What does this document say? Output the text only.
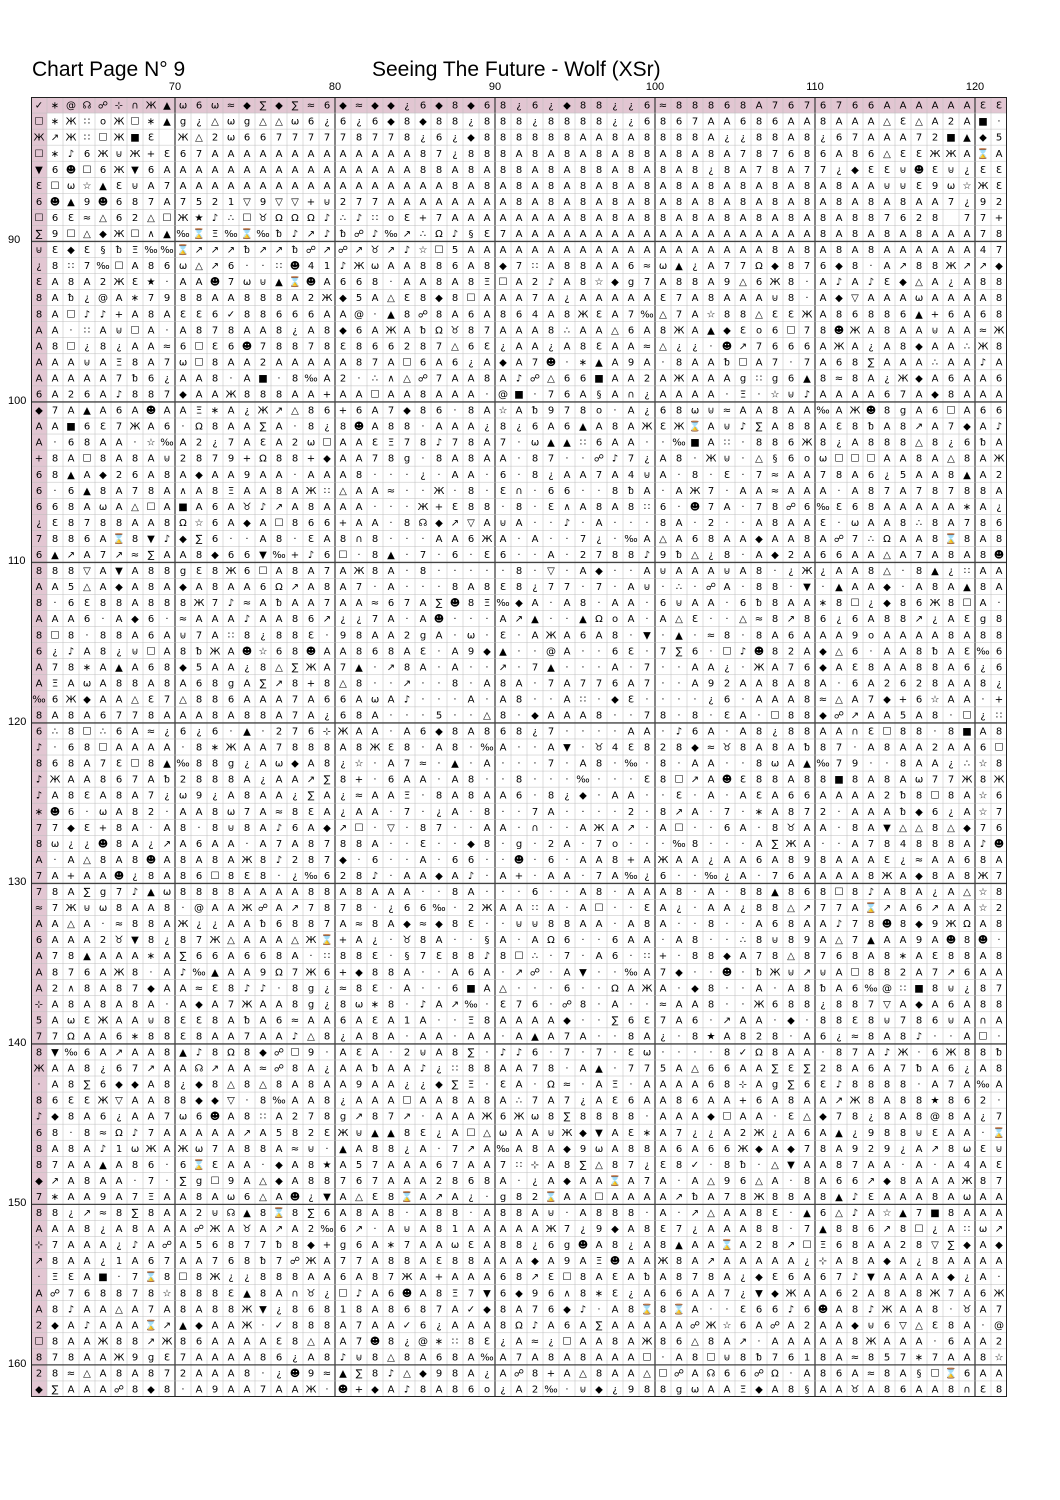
Chart Page N° 9	Seeing The Future - Wolf (XSr)
70	80	90	100	110	120
90
100
110
120
130
140
150
160
✓ ∗ @ ☊ ☍ ⊹ ∩ Ж ▲ ω 6 ω ≈ ◆ ∑ ◆ ∑ ≈ 6 ◆ ≈ ◆ ◆ ¿ 6 ◆ 8 ◆ 6 8 ¿ 6 ¿ ◆ 8 8 ¿ ¿ 6 ≈ 8 8 8 6 8 A 7 6 7 6 7 6 6 A A A A A A Ɛ Ɛ
☐ ∗ Ж ∷ o Ж ☐ ∗ ▲ g ¿ △ ω g △ △ ω 6 ¿ 6 ¿ 6 ◆ 8 ◆ 8 8 ¿ 8 8 8 ¿ 8 8 8 8 ¿ ¿ 6 8 6 7 A A 6 8 6 A A 8 A A A △ Ɛ △ A 2 A ■ ·
Ж ↗ Ж ∷ ☐ Ж ■ Ɛ Ж △ 2 ω 6 6 7 7 7 7 7 8 7 7 8 ¿ 6 ¿ ◆ 8 8 8 8 8 8 A A 8 A 8 8 8 8 A ¿ ¿ 8 8 A 8 ¿ 6 7 A A A 7 2 ■ ▲ ◆ 5
☐ ∗ ♪ 6 Ж ⊍ Ж + Ɛ 6 7 A A A A A A A A A A A A A 8 7 ¿ 8 8 8 A 8 A 8 A 8 A 8 8 A 8 A 8 A 7 8 7 6 8 6 A 8 6 △ Ɛ Ɛ Ж Ж A ⌛ A
▼ 6 ☻ ☐ 6 Ж ▼ 6 A A A A A A A A A A A A A A A A 8 8 A 8 A 8 8 A 8 A 8 8 A 8 A 8 A 8 ¿ 8 A 7 8 A 7 7 ¿ ◆ Ɛ Ɛ ⊍ ☻ Ɛ ⊍ ¿ Ɛ Ɛ
Ɛ ☐ ω ☆ ▲ Ɛ ⊍ A 7 A A A A A A A A A A A A A A A A A 8 A 8 A 8 A 8 A 8 A 8 A 8 A 8 A 8 A 8 A 8 A 8 A 8 A A ⊍ ⊍ Ɛ 9 ω ☆ Ж Ɛ
6 ☻ ▲ 9 ☻ 6 8 7 A 7 5 2 1 ▽ 9 ▽ ▽ + ⊍ 2 7 7 A A A A A A A A 8 A 8 A 8 A 8 A 8 A 8 A 8 A 8 A 8 A 8 A 8 A 8 A 8 A A 7 ¿ 9 2
☐ 6 Ɛ ≈ △ 6 2 △ ☐ Ж ★ ♪ ∴ ☐ ♉ Ω Ω Ω ♪ ∴ ♪ ∷ o Ɛ + 7 A A A A A A A A 8 A 8 A 8 8 A 8 A 8 A 8 A 8 A 8 A 8 8 7 6 2 8	7 7 +
∑ 9 ☐ △ ◆ Ж ☐ ∧ ▲ ‰ ⌛ Ξ ‰ ⌛ ‰ ᵬ ♪ ↗ ♪ ᵬ ☍ ♪ ‰ ↗ ∴ Ω ♪ § Ɛ 7 A A A A A A A A A A A A A A A A A A A 8 A 8 A 8 A 8 A A A 7 8
⊍ Ɛ ◆ Ɛ § ᵬ Ξ ‰ ‰ ⌛ ↗ ↗ ↗ ᵬ ↗ ↗ ᵬ ☍ ↗ ☍ ↗ ♉ ↗ ♪ ☆ ☐ 5 A A A A A A A A A A A A A A A A A A A 8 A 8 A 8 A 8 A A A A A A 4 7
¿ 8 ∷ 7 ‰ ☐ A 8 6 ω △ ↗ 6 · · ∷ ☻ 4 1 ♪ Ж ω A A 8 8 6 A 8 ◆ 7 ∷ A 8 8 A A 6 ≈ ω ▲ ¿ A 7 7 Ω ◆ 8 7 6 ◆ 8 · A ↗ 8 8 Ж ↗ ↗ ◆
Ɛ A 8 A 2 Ж Ɛ ★ · A A ☻ 7 ω ⊍ ▲ ⌛ ☻ A 6 6 8 · A A 8 A 8 Ξ ☐ A 2 ♪ A 8 ☆ ◆ g 7 A 8 8 A 9 △ 6 Ж 8 · A ♪ A ♪ Ɛ ◆ △ A ¿ A 8 8
8 A ᵬ ¿ @ A ∗ 7 9 8 8 A A 8 8 8 A 2 Ж ◆ 5 A △ Ɛ 8 ◆ 8 ☐ A A A 7 A ¿ A A A A A Ɛ 7 A 8 A A A ⊍ 8 · A ◆ ▽ A A A ω A A A A 8
8 A ☐ ♪ ♪ + A 8 A Ɛ Ɛ 6 ✓ 8 8 6 6 6 A A @ · ▲ 8 ☍ 8 A 6 A 8 6 4 A 8 Ж Ɛ A 7 ‰ △ 7 A ☆ 8 8 △ Ɛ Ɛ Ж A 8 6 8 8 6 ▲ + 6 A 6 8
A A · ∷ A ⊍ ☐ A · A 8 7 8 A A 8 ¿ A 8 ◆ 6 A Ж A ᵬ Ω ♉ 8 7 A A A 8 ∴ A A △ 6 A 8 Ж A ▲ ◆ Ɛ o 6 ☐ 7 8 ☻ Ж A 8 A A ⊍ A A ≈ Ж
A 8 ☐ ¿ 8 ¿ A A ≈ 6 ☐ Ɛ 6 ☻ 7 8 8 7 8 Ɛ 8 6 6 2 8 7 △ 6 Ɛ ¿ A A ¿ A 8 Ɛ A A ≈ △ ¿ ¿ · ☻ ↗ 7 6 6 6 A Ж A ¿ A 8 ◆ A A ∴ Ж 8
A A A ⊍ A Ξ 8 A 7 ω ☐ 8 A A 2 A A A A A 8 7 A ☐ 6 A 6 ¿ A ◆ A 7 ☻ · ∗ ▲ A 9 A · 8 A A ᵬ ☐ A 7 · 7 A 6 8 ∑ A A A ∴ A A ♪ A
A A A A A 7 ᵬ 6 ¿ A A 8 · A ■ · 8 ‰ A 2 · ∴ ∧ △ ☍ 7 A A 8 A ♪ ☍ △ 6 6 ■ A A 2 A Ж A A A g ∷ g 6 ▲ 8 ≈ 8 A ¿ Ж ◆ A 6 A A 6
6 A 2 6 A ♪ 8 8 7 ◆ A A Ж 8 8 8 A A + A A ☐ A A 8 A A A · @ ■ · 7 6 A § A ∩ ¿ A A A A · Ξ · ☆ ⊍ ♪ A A A A 6 7 A ◆ 8 A A A
◆ 7 A ▲ A 6 A ☻ A A Ξ ∗ A ¿ Ж ↗ △ 8 6 + 6 A 7 ◆ 8 6 · 8 A ☆ A ᵬ 9 7 8 o · A ¿ 6 8 ω ⊍ ≈ A A 8 A A ‰ A Ж ☻ 8 g A 6 ☐ A 6 6
A A ■ 6 Ɛ 7 Ж A 6 · Ω 8 A A ∑ A · 8 ¿ 8 ☻ A 8 8 · A A A ¿ 8 ¿ 6 A 6 ▲ A 8 A Ж Ɛ Ж ⌛ A ⊍ ♪ ∑ A 8 8 A Ɛ 8 ᵬ A 8 ↗ A 7 ◆ A ♪
A · 6 8 A A · ☆ ‰ A 2 ¿ 7 A Ɛ A 2 ω ☐ A A Ɛ Ξ 7 8 ♪ 7 8 A 7 · ω ▲ ▲ ∷ 6 A A · · ‰ ■ A ∷ · 8 8 6 Ж 8 ¿ A 8 8 8 △ 8 ¿ 6 ᵬ A
+ 8 A ☐ 8 A 8 A ⊍ 2 8 7 9 + Ω 8 8 + ◆ A A 7 8 g · 8 A 8 A A · 8 7 · · ☍ ♪ 7 ¿ A 8 · Ж ⊍ · △ § 6 o ω ☐ ☐ ☐ A A 8 A △ 8 A Ж
6 8 ▲ A ◆ 2 6 A 8 A ◆ A A 9 A A · A A A 8 · · · ¿ · A A · 6 · 8 ¿ A A 7 A 4 ⊍ A · 8 · Ɛ · 7 ≈ A A 7 8 A 6 ¿ 5 A A 8 ▲ A 2
6 · 6 ▲ 8 A 7 8 A ∧ A 8 Ξ A A 8 A Ж ∷ △ A A ≈ · · Ж · 8 · Ɛ ∩ · 6 6 · · 8 ᵬ A · A Ж 7 · A A ≈ A A A · A 8 7 A 7 8 7 8 8 A
6 6 8 A ω A △ ☐ A ■ A 6 A ♉ ♪ ↗ A 8 A A A · · · Ж + Ɛ 8 8 · 8 · Ɛ ∧ A 8 A 8 ∷ 6 · ☻ 7 A · 7 8 ☍ 6 ‰ Ɛ 6 8 A A A A A ∗ A ¿
¿ Ɛ 8 7 8 8 A A 8 Ω ☆ 6 A ◆ A ☐ 8 6 6 + A A · 8 ☊ ◆ ↗ ▽ A ⊍ A · · ♪ · A · · · 8 A · 2 · · A 8 A A Ɛ · ω A A 8 ∴ 8 A 7 8 6
7 8 8 6 A ⌛ 8 ▼ ♪ ◆ ∑ 6 · · A 8 · Ɛ A 8 ∩ 8 · · · A A 6 Ж A · A · · 7 ¿ · ‰ A △ A 6 8 A A ◆ A A 8 A ☍ 7 ∴ Ω A A 8 ⌛ 8 A 8
6 ▲ ↗ A 7 ↗ ≈ ∑ A A 8 ◆ 6 6 ▼ ‰ + ♪ 6 ☐ · 8 ▲ · 7 · 6 · Ɛ 6 · · A · 2 7 8 8 ♪ 9 ᵬ △ ¿ 8 · A ◆ 2 A 6 6 A A △ A 7 A 8 A 8 ☻
8 8 8 ▽ A ▼ A 8 8 g Ɛ 8 Ж 6 ☐ A 8 A 7 A Ж 8 A · 8 · · · · · 8 · ▽ · A ◆ · · A ⊍ A A A ⊍ A 8 · ¿ Ж ¿ A A 8 △ · 8 ▲ ¿ ∷ A A
A A 5 △ A ◆ A 8 A ◆ A 8 A A 6 Ω ↗ A 8 A 7 · A · · · 8 A 8 Ɛ 8 ¿ 7 7 · 7 · A ⊍ · ∴ · ☍ A · 8 8 · ▼ · ▲ A A ◆ · A 8 A ▲ 8 A
8 · 6 Ɛ 8 8 A 8 8 8 Ж 7 ♪ ≈ A ᵬ A A 7 A A ≈ 6 7 A ∑ ☻ 8 Ξ ‰ ◆ A · A 8 · A A · 6 ⊍ A A · 6 ᵬ 8 A A ∗ 8 ☐ ¿ ◆ 8 6 Ж 8 ☐ A ·
A A A 6 · A ◆ 6 · ≈ A A A ♪ A A 8 6 ↗ ¿ ¿ 7 A · A ☻ · · · A ↗ ▲ · · ▲ Ω o A · A △ Ɛ · · △ ≈ 8 ↗ 8 6 ¿ 6 A 8 8 ↗ ¿ A Ɛ g 8
8 ☐ 8 · 8 8 A 6 A ⊍ 7 A ∷ 8 ¿ 8 8 Ɛ · 9 8 A A 2 g A · ω · Ɛ · A Ж A 6 A 8 · ▼ · ▲ · ≈ 8 · 8 A 6 A A A 9 o A A A A 8 A 8 8
6 ¿ ♪ A 8 ¿ ⊍ ☐ A 8 ᵬ Ж A ☻ ☆ 6 8 ☻ A A 8 6 8 A Ɛ · A 9 ◆ ▲ · · @ A · · 6 Ɛ · 7 ∑ 6 · ☐ ♪ ☻ 8 2 A ◆ △ 6 · A A 8 ᵬ A Ɛ ‰ 6
A 7 8 ∗ A ▲ A 6 8 ◆ 5 A A ¿ 8 △ ∑ Ж A 7 ▲ · ↗ 8 A · A · · ↗ · 7 ▲ · · · A · 7 · · A A ¿ · Ж A 7 6 ◆ A Ɛ 8 A A 8 8 A 6 ¿ 6
A Ξ A ω A 8 8 A 8 A 6 8 g A ∑ ↗ 8 + 8 △ 8 · · ↗ · · 8 · A 8 A · 7 A 7 7 6 A 7 · · A 9 2 A A 8 A 8 A · 6 A 2 6 2 8 A A 8 ¿
‰ 6 Ж ◆ A A △ Ɛ 7 △ 8 8 6 A A A 7 A 6 6 A ω A ♪ · · · A · A 8 · · A ∷ · ◆ Ɛ · · · · ¿ 6 · A A A 8 ≈ △ A 7 ◆ + 6 ☆ A A · +
8 A 8 A 6 7 7 8 A A A 8 A 8 8 A 7 A ¿ 6 8 A · · · 5 · · △ 8 · ◆ A A A 8 · · 7 8 · 8 · Ɛ A · ☐ 8 8 ◆ ☍ ↗ A A 5 A 8 · ☐ ¿ ∷
6 ∴ 8 ☐ ∴ 6 A ≈ ¿ 6 ¿ 6 · ▲ · 2 7 6 ⊹ Ж A A · A 6 ◆ 8 A 8 6 8 ¿ 7 · · · · A A · ♪ 6 A · A 8 ¿ 8 8 A A ∩ Ɛ ☐ 8 8 · 8 ■ A 8
♪ · 6 8 ☐ A A A A · 8 ∗ Ж A A 7 8 8 8 A 8 Ж Ɛ 8 · A 8 · ‰ A · · A ▼ · ♉ 4 Ɛ 8 2 8 ◆ ≈ ♉ 8 A 8 A ᵬ 8 7 · A 8 A A 2 A A 6 ☐
8 6 8 A 7 Ɛ ☐ 8 ▲ ‰ 8 8 g ¿ A ω ◆ A 8 ¿ ☆ · A 7 ≈ · ▲ · A · · · 7 · A 8 · ‰ · 8 · A A · · 8 ω A ▲ ‰ 7 9 · · 8 A A ¿ ∴ ☆ 8
♪ Ж A A 8 6 7 A ᵬ 2 8 8 8 A ¿ A A ↗ ∑ 8 + · 6 A A · A 8 · · 8 · · · ‰ · · · Ɛ 8 ☐ ↗ A ☻ Ɛ 8 8 A 8 8 ■ 8 A 8 A ω 7 7 Ж 8 Ж
♪ A 8 Ɛ A 8 A 7 ¿ ω 9 ¿ A 8 A A ¿ ∑ A ¿ ≈ A A Ξ · 8 A 8 A A 6 · 8 ¿ ◆ · A A · · Ɛ · A · A Ɛ A 6 6 A A A A 2 ᵬ 8 ☐ 8 A ☆ 6
∗ ☻ 6 · ω A 8 2 · A A 8 ω 7 A ≈ 8 Ɛ A ¿ A A · 7 · ¿ A · 8 · · 7 A · · · · 2 · 8 ↗ A · 7 · ∗ A 8 7 2 · A A A ᵬ ◆ 6 ¿ A ☆ 7
7 7 ◆ Ɛ + 8 A · A 8 · 8 ⊍ 8 A ♪ 6 A ◆ ↗ ☐ · ▽ · 8 7 · · A A · ∩ · · A Ж A ↗ · A ☐ · · 6 A · 8 ♉ A A · 8 A ▼ △ △ 8 △ ◆ 7 6
8 ω ¿ ¿ ☻ 8 A ¿ ↗ A 6 A A · A 7 A 8 7 8 8 A · · Ɛ · · ◆ 8 · g · 2 A · 7 o · · · ‰ 8 · · · A ∑ Ж A · · A 7 8 4 8 8 8 A ♪ ☻
A · A △ 8 A 8 ☻ A 8 A 8 A Ж 8 ♪ 2 8 7 ◆ · 6 · · A · 6 6 · · ☻ · 6 · A A 8 + A Ж A A ¿ A A 6 A 8 9 8 A A A Ɛ ¿ ≈ A A 6 8 A
7 A + A A ☻ ¿ 8 A 8 6 ☐ 8 Ɛ 8 · ¿ ‰ 6 2 8 ♪ · A A ◆ A ♪ · A + · A A · 7 A ‰ ¿ 6 · · ‰ ¿ A · 7 6 A A A A 8 Ж A ◆ 8 A 8 Ж 7
7 8 A ∑ g 7 ♪ ▲ ω 8 8 8 8 A A A A 8 8 A 8 A A A · · 8 A · · · 6 · · A 8 · A A A 8 · A · 8 8 ▲ 8 6 8 ☐ 8 ♪ A 8 A ¿ A △ ☆ 8
≈ 7 Ж ⊍ ω 8 A A 8 · @ A A Ж ☍ A ↗ 7 8 7 8 · ¿ 6 6 ‰ · 2 Ж A A ∷ A · A ☐ · · Ɛ A ¿ · A A ¿ 8 8 △ ↗ 7 7 A ⌛ ↗ A 6 ↗ A A ☆ 2
A A △ A · ≈ 8 8 A Ж ¿ ¿ A A ᵬ 6 8 8 7 A ≈ 8 A ◆ ≈ ◆ 8 Ɛ · · ⊍ ⊍ 8 8 A A · A 8 A · · 8 · · A 6 8 A A ♪ 7 8 ☻ 8 ◆ 9 Ж Ω A 8
6 A A A 2 ♉ ▼ 8 ¿ 8 7 Ж △ A A A △ Ж ⌛ + A ¿ · ♉ 8 A · · § A · A Ω 6 · · 6 A A · A 8 · · ∴ 8 ⊍ 8 9 A △ 7 ▲ A A 9 A ☻ 8 ☻ ·
A 7 8 ▲ A A A ∗ A ∑ 6 6 A 6 6 8 A · ∷ 8 8 Ɛ · § 7 Ɛ 8 8 ♪ 8 ☐ ∴ · 7 · A 6 · ∷ + · 8 8 ◆ A 7 8 △ 8 7 6 8 A 8 ∗ A Ɛ 8 8 A 8
A 8 7 6 A Ж 8 · A ♪ ‰ ▲ A A 9 Ω 7 Ж 6 + ◆ 8 8 A · · A 6 A · ↗ ☍ · A ▼ · · ‰ A 7 ◆ · · ☻ · ᵬ Ж ⊍ ↗ ⊍ A ☐ 8 8 2 A 7 ↗ 6 A A
A 2 ∧ 8 A 8 7 ◆ A A ≈ Ɛ 8 ♪ ♪ · 8 g ¿ ≈ 8 Ɛ · A · · 6 ■ A △ · · · 6 · · Ω A Ж A · ◆ 8 · · A · A 8 ᵬ A 6 ‰ @ ∷ ■ 8 ⊍ ¿ 8 7
⊹ A 8 A 8 A 8 A · A ◆ A 7 Ж A A 8 g ¿ 8 ω ∗ 8 · ♪ A ↗ ‰ · Ɛ 7 6 · ☍ 8 · A · · ≈ A A 8 · · Ж 6 8 8 ¿ 8 8 7 ▽ A ◆ A 6 A 8 8
5 A ω Ɛ Ж A A ⊍ 8 Ɛ Ɛ 8 A ᵬ A 6 ≈ A A 6 A Ɛ A 1 A · · Ξ 8 A A A A ◆ · · ∑ 6 Ɛ 7 A 6 · ↗ A A · ◆ · 8 8 Ɛ 8 ⊍ 7 8 6 ⊍ A ∩ A
7 7 Ω A A 6 ∗ 8 8 Ɛ 8 A A 7 A A ♪ △ 8 ¿ A 8 A · A A · A A · A ▲ A 7 A · · 8 A ¿ · 8 ★ A 8 2 8 · A 6 ¿ ≈ 8 A 8 ♪ · · A ☐ ·
8 ▼ ‰ 6 A ↗ A A 8 ▲ ♪ 8 Ω 8 ◆ ☍ ☐ 9 · A Ɛ A · 2 ⊍ A 8 ∑ · ♪ ♪ 6 · 7 · 7 · Ɛ ω · · · · 8 ✓ Ω 8 A A · 8 7 A ♪ Ж · 6 Ж 8 8 ᵬ
Ж A A 8 ¿ 6 7 ↗ A A ☊ ↗ A A ≈ ☍ 8 A ¿ A A ᵬ A A ♪ ¿ ∷ 8 8 A A 7 8 · A ▲ · 7 7 5 A △ 6 6 A A ∑ Ɛ ∑ 2 8 A 6 A 7 ᵬ A 6 ¿ A 8
· A 8 ∑ 6 ◆ ◆ A 8 ¿ ◆ 8 △ 8 △ 8 A 8 A A 9 A A ¿ ¿ ◆ ∑ Ξ · Ɛ A · Ω ≈ · A Ξ · A A A A 6 8 ⊹ A g ∑ 6 Ɛ ♪ 8 8 8 8 · A 7 A ‰ A
8 6 Ɛ Ɛ Ж ▽ A A 8 8 ◆ ◆ ▽ · 8 ‰ A A 8 ¿ A A A ☐ A A 8 A 8 A ∴ 7 A 7 ¿ A Ɛ 6 A A 8 6 A A + 6 A 8 A A ↗ Ж 8 A 8 8 ★ 8 6 2 ·
♪ ◆ 8 A 6 ¿ A A 7 ω 6 ☻ A 8 ∷ A 2 7 8 g ↗ 8 7 ↗ · A A A Ж 6 Ж ω 8 ∑ 8 8 8 8 · A A A ◆ ☐ A A · Ɛ △ ◆ 7 8 ¿ 8 A 8 @ 8 A ¿ 7
6 8 · 8 ≈ Ω ♪ 7 A A A A A ↗ A 5 8 2 Ɛ Ж ⊍ ▲ ▲ 8 Ɛ ¿ A ☐ △ ω A A ⊍ Ж ◆ ▼ A Ɛ ∗ A 7 ¿ ¿ A 2 Ж ¿ A 6 A ▲ ¿ 9 8 8 ⊍ Ɛ A A · ⌛
8 A 8 A ♪ 1 ω Ж A Ж ω 7 A 8 8 A ≈ ⊍ · ▲ A 8 8 ¿ A · 7 ↗ A ‰ A 8 A ◆ 9 ω A 8 8 A 6 A 6 6 Ж ◆ A ◆ 7 8 A 9 2 9 ¿ A ↗ 8 ω Ɛ ⊍
8 7 A A ▲ A 8 6 · 6 ⌛ Ɛ A A · ◆ A 8 ★ A 5 7 A A A 6 7 A A 7 ∷ ⊹ A 8 ∑ △ 8 7 ¿ Ɛ 8 ✓ · 8 ᵬ · △ ▼ A A 8 7 A A · A · A 4 A Ɛ
◆ ↗ A 8 A A · 7 · ∑ g ☐ 9 A △ ◆ A 8 8 7 6 7 A A A 2 8 6 8 A · ¿ A ◆ A A ⌛ A 7 A · A △ 9 6 △ A · 8 A 6 6 ↗ ◆ 8 A A A Ж 8 7
7 ∗ A A 9 A 7 Ξ A A 8 A ω 6 △ A ☻ ¿ ▼ A △ Ɛ 8 ⌛ A ↗ A ¿ · g 8 2 ⌛ A A ☐ A A A A ↗ ᵬ A 7 8 Ж 8 8 A 8 ▲ ♪ Ɛ A A A 8 A ω A A
8 8 ¿ ↗ ≈ 8 ∑ 8 A A 2 ⊍ ☊ ▲ 8 ⌛ 8 ∑ 6 A 8 A 8 · A 8 8 · A 8 8 A ⊍ · A 8 8 8 · A · ↗ △ A A 8 Ɛ · ▲ 6 △ ♪ A ☆ ▲ 7 ■ 8 A A A
A A A 8 ¿ A 8 A A A ☍ Ж A ♉ A ↗ A 2 ‰ 6 ↗ · A ⊍ A 8 1 A A A A A Ж 7 ¿ 9 ◆ A 8 Ɛ 7 ¿ A A A 8 8 · 7 ▲ 8 8 6 ↗ 8 ☐ ¿ A ∷ ω ↗
⊹ 7 A A A ¿ ♪ A ☍ A 5 6 8 7 7 ᵬ 8 ◆ + g 6 A ∗ 7 A A ω Ɛ A 8 8 ¿ 6 g ☻ A 8 ¿ A 8 ▲ A A ⌛ A 2 8 ↗ ☐ Ξ 6 8 A A 2 8 ▽ ∑ ◆ A ◆
↗ 8 A A ¿ 1 A 6 7 A A 7 6 8 ᵬ 7 ☍ Ж A 7 7 A 8 8 A Ɛ 8 8 A A A ◆ A 9 A Ξ ☻ A A Ж 8 A ↗ A A A A A ¿ ⊹ A 8 A ◆ A ¿ 8 A A A A
· Ξ Ɛ A ■ · 7 ⌛ 8 ☐ 8 Ж ¿ ¿ 8 8 8 A A 6 A 8 7 Ж A + A A A 6 8 ↗ Ɛ ☐ 8 A Ɛ A ᵬ A 8 7 8 A ¿ ◆ Ɛ 6 A 6 7 ♪ ▼ A A A A ◆ ¿ A ·
A ☍ 7 6 8 8 7 8 ☆ 8 8 8 Ɛ ▲ 8 A ∩ ♉ ¿ ☐ ♪ A 6 ☻ A 8 Ξ 7 ▼ 6 ◆ 9 6 ∧ 8 ∗ Ɛ ¿ A 6 6 A A 7 ¿ ▼ ◆ Ж A A 6 2 A 8 A 8 Ж 7 A 6 Ж
A 8 ♪ A A △ A 7 A 8 A 8 8 Ж ▼ ¿ 8 6 8 1 8 A 8 6 8 7 A ✓ ◆ 8 A 7 6 ◆ ♪ · A 8 ⌛ 8 ⌛ A · · Ɛ 6 6 ♪ 6 ☻ A 8 ♪ Ж A A 8 · ♉ A 7
2 ◆ A ♪ A A A ⌛ ↗ ▲ ◆ A A Ж · ✓ 8 8 8 A 7 A A ✓ 6 ¿ A A A 8 Ω ♪ A 6 A ∑ A A A A A ☍ Ж ☆ 6 A ☍ A 2 A A ◆ ⊍ 6 ▽ △ Ɛ 8 A · @
☐ 8 A A Ж 8 8 ↗ Ж 8 6 A A A A Ɛ 8 △ A A 7 ☻ 8 ¿ @ ∗ ∷ 8 Ɛ ¿ A ≈ ¿ ☐ A A 8 A Ж 8 6 △ 8 A ↗ · A A A A A 8 Ж A A A · 6 A A 2
8 7 8 A A Ж 9 g Ɛ 7 A A A A 8 6 ¿ A 8 ♪ ⊍ 8 △ 8 A 6 8 A ‰ A 7 A 8 A 8 A A A ☐ · A 8 ☐ ⊍ 8 ᵬ 7 6 1 8 A ≈ 8 5 7 ∗ 7 A A 8 ☆
2 8 ≈ △ A 8 A 8 7 2 A A A 8 · ¿ ☻ 9 ≈ ▲ ∑ 8 ♪ △ ◆ 9 8 A ¿ A ☍ 8 + A △ 8 A A △ ☐ ☍ A ☊ 6 6 ☍ Ω · A 8 6 A ≈ 8 A § ☐ ⌛ 6 A A
◆ ∑ A A A ☍ 8 ◆ 8 · A 9 A A 7 A A Ж · ☻ + ◆ A ♪ 8 A 8 6 o ¿ A 2 ‰ · ⊍ ◆ ¿ 9 8 8 g ω A A Ξ ◆ A 8 § A A ♉ A 8 6 A A 8 ∩ Ɛ 8
